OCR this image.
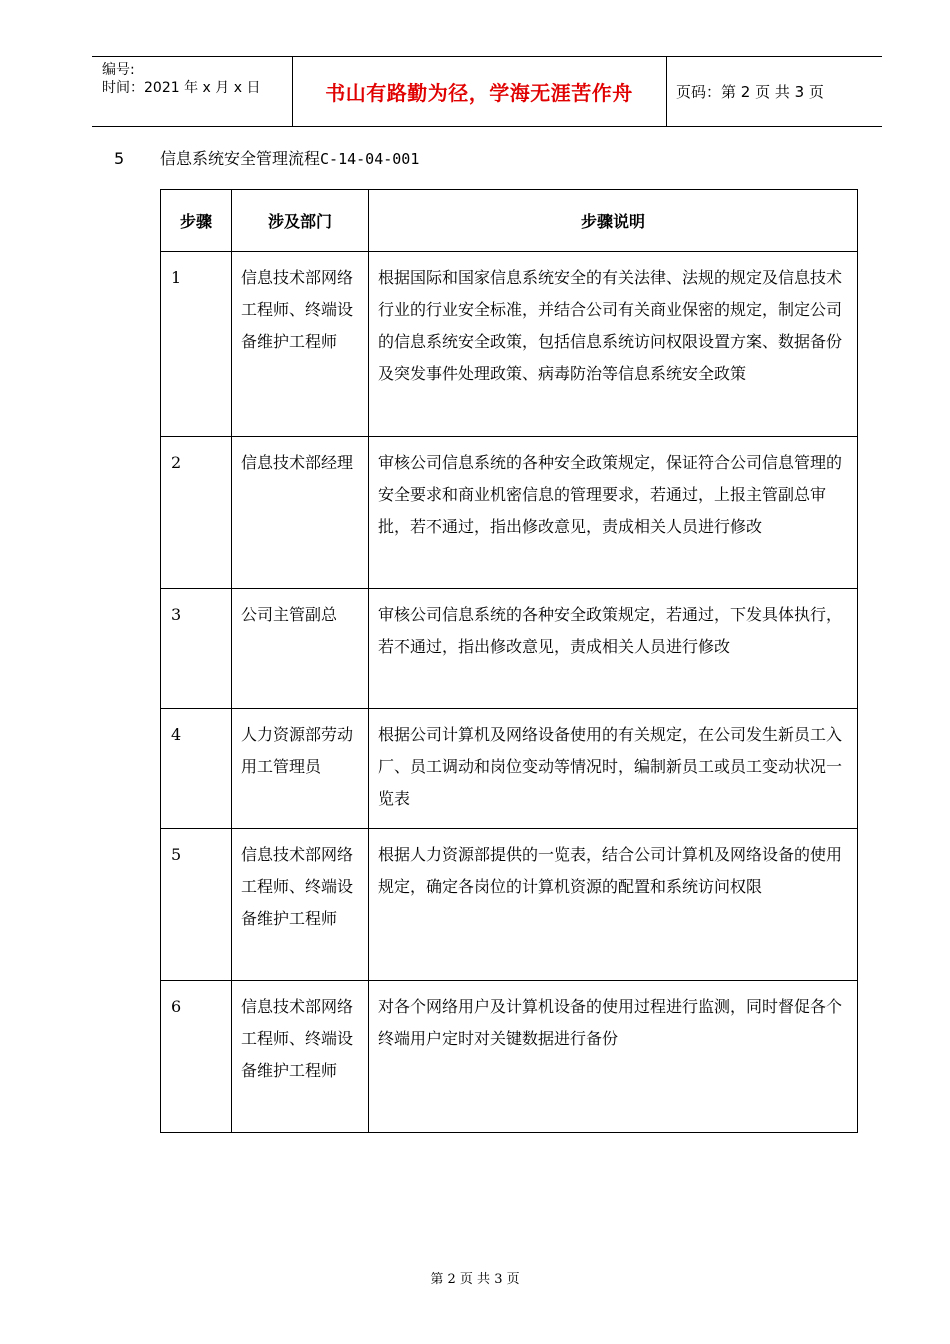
编号:
时间：2021 年 x 月 x 日	书山有路勤为径，学海无涯苦作舟	页码：第 2 页 共 3 页
5 信息系统安全管理流程C-14-04-001
步骤	涉及部门	步骤说明
1	信息技术部网络工程师、终端设备维护工程师	根据国际和国家信息系统安全的有关法律、法规的规定及信息技术行业的行业安全标准，并结合公司有关商业保密的规定，制定公司的信息系统安全政策，包括信息系统访问权限设置方案、数据备份及突发事件处理政策、病毒防治等信息系统安全政策
2	信息技术部经理	审核公司信息系统的各种安全政策规定，保证符合公司信息管理的安全要求和商业机密信息的管理要求，若通过，上报主管副总审批，若不通过，指出修改意见，责成相关人员进行修改
3	公司主管副总	审核公司信息系统的各种安全政策规定，若通过，下发具体执行，若不通过，指出修改意见，责成相关人员进行修改
4	人力资源部劳动用工管理员	根据公司计算机及网络设备使用的有关规定，在公司发生新员工入厂、员工调动和岗位变动等情况时，编制新员工或员工变动状况一览表
5	信息技术部网络工程师、终端设备维护工程师	根据人力资源部提供的一览表，结合公司计算机及网络设备的使用规定，确定各岗位的计算机资源的配置和系统访问权限
6	信息技术部网络工程师、终端设备维护工程师	对各个网络用户及计算机设备的使用过程进行监测，同时督促各个终端用户定时对关键数据进行备份
第 2 页 共 3 页
